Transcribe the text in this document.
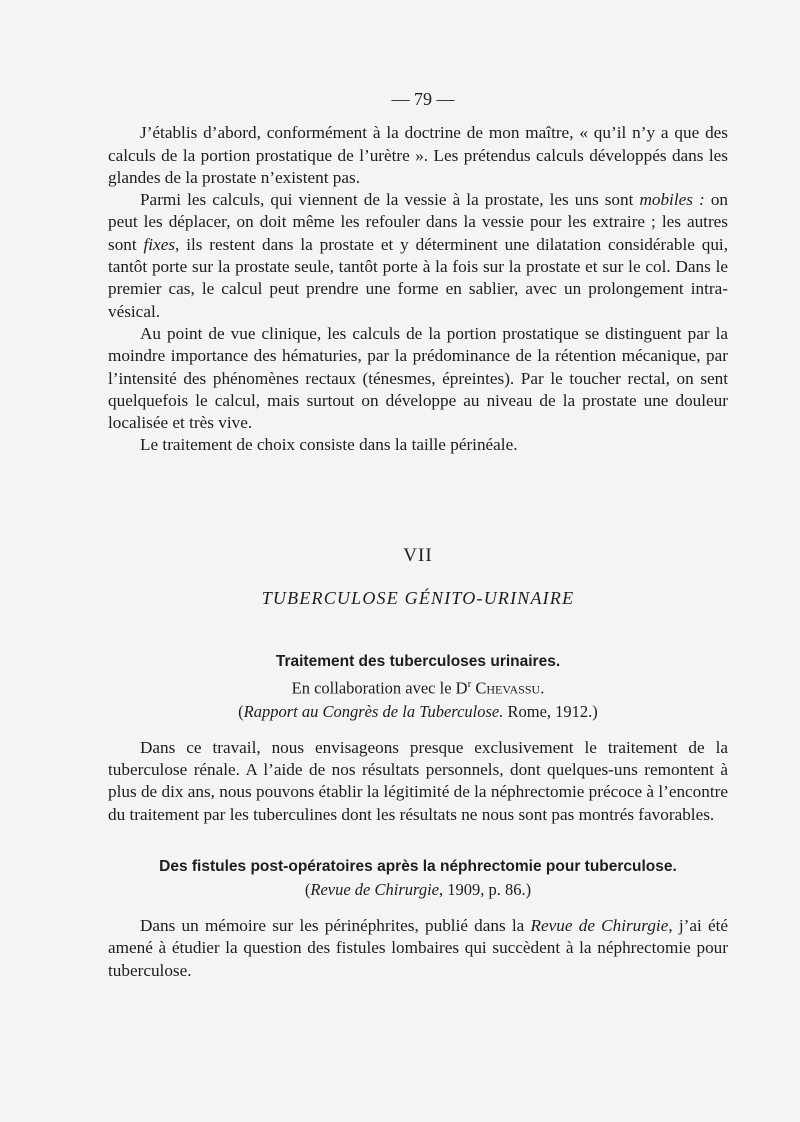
— 79 —

J’établis d’abord, conformément à la doctrine de mon maître, « qu’il n’y a que des calculs de la portion prostatique de l’urètre ». Les prétendus calculs développés dans les glandes de la prostate n’existent pas.

Parmi les calculs, qui viennent de la vessie à la prostate, les uns sont mobiles : on peut les déplacer, on doit même les refouler dans la vessie pour les extraire ; les autres sont fixes, ils restent dans la prostate et y déterminent une dilatation considérable qui, tantôt porte sur la prostate seule, tantôt porte à la fois sur la prostate et sur le col. Dans le premier cas, le calcul peut prendre une forme en sablier, avec un prolongement intra-vésical.

Au point de vue clinique, les calculs de la portion prostatique se distinguent par la moindre importance des hématuries, par la prédominance de la rétention mécanique, par l’intensité des phénomènes rectaux (ténesmes, épreintes). Par le toucher rectal, on sent quelquefois le calcul, mais surtout on développe au niveau de la prostate une douleur localisée et très vive.

Le traitement de choix consiste dans la taille périnéale.

VII
TUBERCULOSE GÉNITO-URINAIRE
Traitement des tuberculoses urinaires.
En collaboration avec le $D^r$ Chevassu.
(Rapport au Congrès de la Tuberculose. Rome, 1912.)

Dans ce travail, nous envisageons presque exclusivement le traitement de la tuberculose rénale. A l’aide de nos résultats personnels, dont quelques-uns remontent à plus de dix ans, nous pouvons établir la légitimité de la néphrectomie précoce à l’encontre du traitement par les tuberculines dont les résultats ne nous sont pas montrés favorables.

Des fistules post-opératoires après la néphrectomie pour tuberculose.
(Revue de Chirurgie, 1909, p. 86.)

Dans un mémoire sur les périnéphrites, publié dans la Revue de Chirurgie, j’ai été amené à étudier la question des fistules lombaires qui succèdent à la néphrectomie pour tuberculose.
